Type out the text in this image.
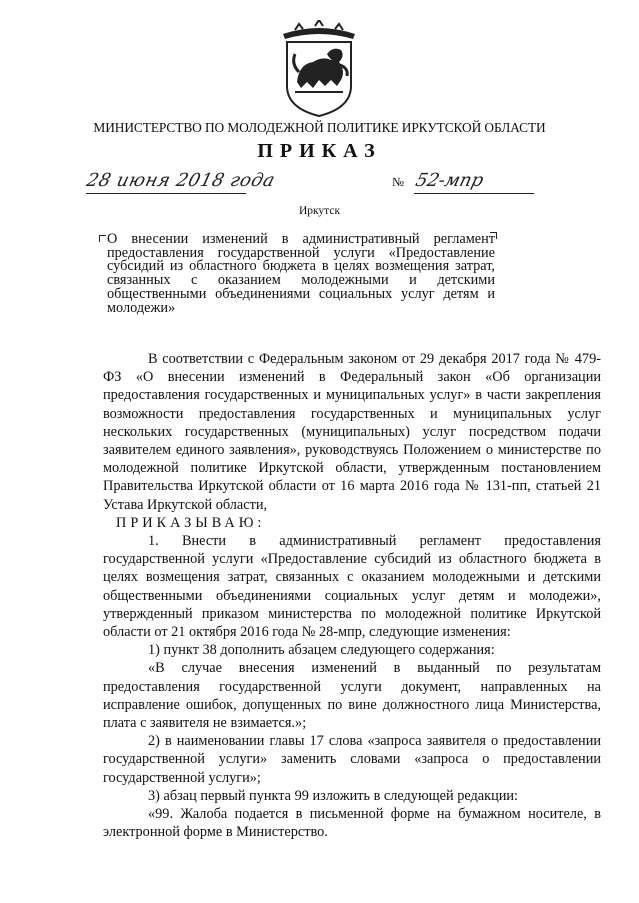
МИНИСТЕРСТВО ПО МОЛОДЕЖНОЙ ПОЛИТИКЕ ИРКУТСКОЙ ОБЛАСТИ
ПРИКАЗ
28 июня 2018 года	№ 52-мпр
Иркутск
О внесении изменений в административный регламент предоставления государственной услуги «Предоставление субсидий из областного бюджета в целях возмещения затрат, связанных с оказанием молодежными и детскими общественными объединениями социальных услуг детям и молодежи»

В соответствии с Федеральным законом от 29 декабря 2017 года № 479-ФЗ «О внесении изменений в Федеральный закон «Об организации предоставления государственных и муниципальных услуг» в части закрепления возможности предоставления государственных и муниципальных услуг нескольких государственных (муниципальных) услуг посредством подачи заявителем единого заявления», руководствуясь Положением о министерстве по молодежной политике Иркутской области, утвержденным постановлением Правительства Иркутской области от 16 марта 2016 года № 131-пп, статьей 21 Устава Иркутской области,

ПРИКАЗЫВАЮ:

1. Внести в административный регламент предоставления государственной услуги «Предоставление субсидий из областного бюджета в целях возмещения затрат, связанных с оказанием молодежными и детскими общественными объединениями социальных услуг детям и молодежи», утвержденный приказом министерства по молодежной политике Иркутской области от 21 октября 2016 года № 28-мпр, следующие изменения:

1) пункт 38 дополнить абзацем следующего содержания:

«В случае внесения изменений в выданный по результатам предоставления государственной услуги документ, направленных на исправление ошибок, допущенных по вине должностного лица Министерства, плата с заявителя не взимается.»;

2) в наименовании главы 17 слова «запроса заявителя о предоставлении государственной услуги» заменить словами «запроса о предоставлении государственной услуги»;

3) абзац первый пункта 99 изложить в следующей редакции:

«99. Жалоба подается в письменной форме на бумажном носителе, в электронной форме в Министерство.
